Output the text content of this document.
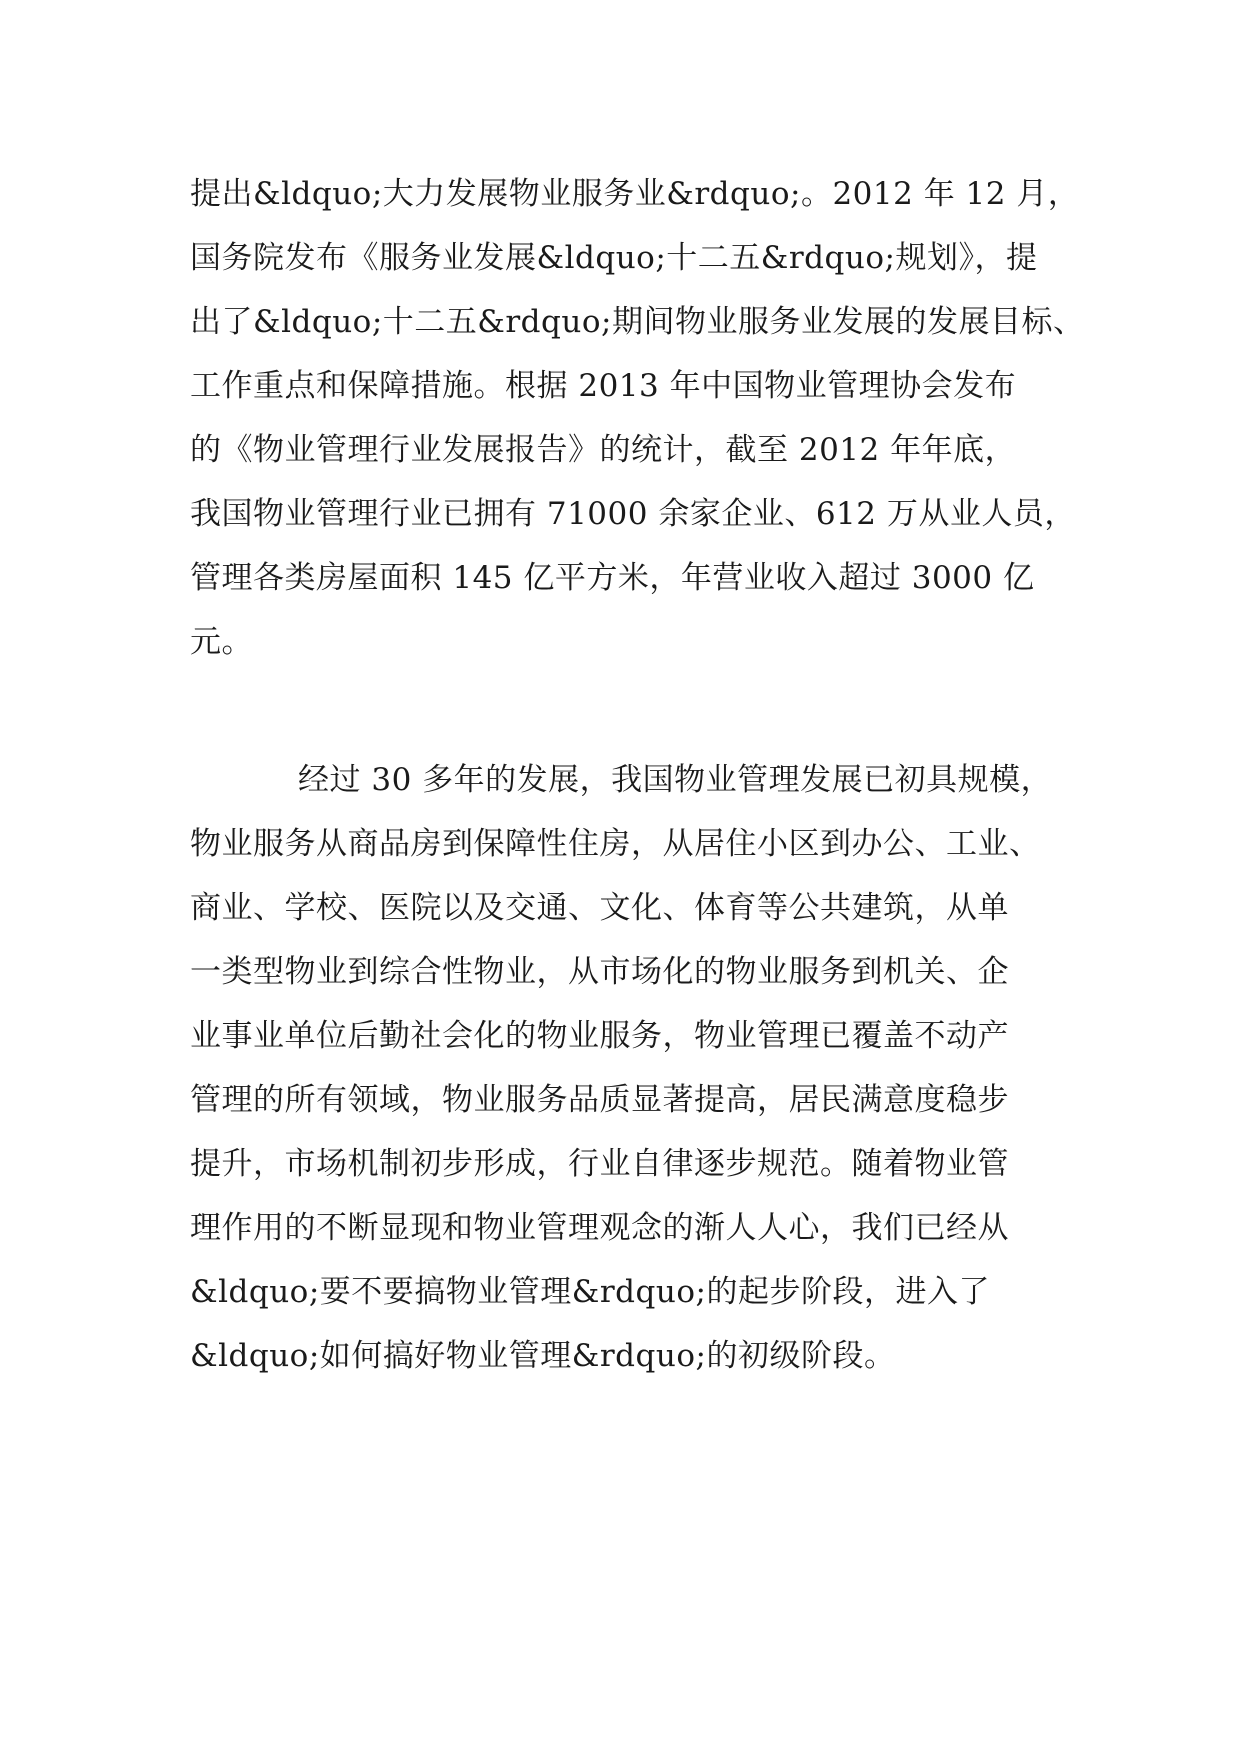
提出&ldquo;大力发展物业服务业&rdquo;。2012 年 12 月，
国务院发布《服务业发展&ldquo;十二五&rdquo;规划》，提
出了&ldquo;十二五&rdquo;期间物业服务业发展的发展目标、
工作重点和保障措施。根据 2013 年中国物业管理协会发布
的《物业管理行业发展报告》的统计，截至 2012 年年底，
我国物业管理行业已拥有 71000 余家企业、612 万从业人员，
管理各类房屋面积 145 亿平方米，年营业收入超过 3000 亿
元。
经过 30 多年的发展，我国物业管理发展已初具规模，
物业服务从商品房到保障性住房，从居住小区到办公、工业、
商业、学校、医院以及交通、文化、体育等公共建筑，从单
一类型物业到综合性物业，从市场化的物业服务到机关、企
业事业单位后勤社会化的物业服务，物业管理已覆盖不动产
管理的所有领域，物业服务品质显著提高，居民满意度稳步
提升，市场机制初步形成，行业自律逐步规范。随着物业管
理作用的不断显现和物业管理观念的渐人人心，我们已经从
&ldquo;要不要搞物业管理&rdquo;的起步阶段，进入了
&ldquo;如何搞好物业管理&rdquo;的初级阶段。
